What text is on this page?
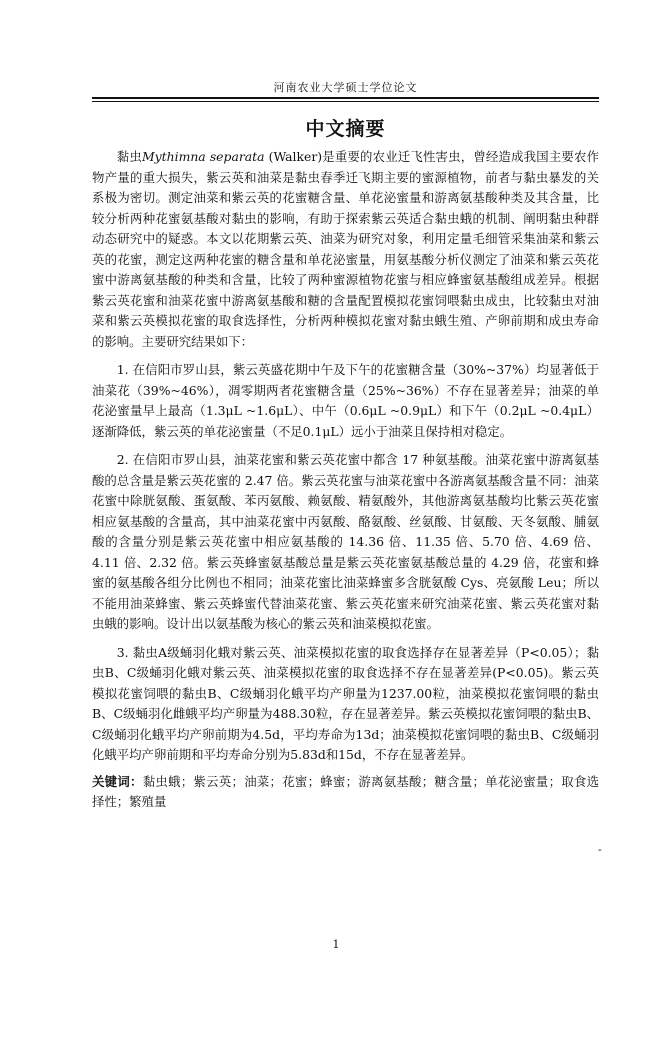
河南农业大学硕士学位论文
中文摘要

黏虫Mythimna separata (Walker)是重要的农业迁飞性害虫，曾经造成我国主要农作物产量的重大损失，紫云英和油菜是黏虫春季迁飞期主要的蜜源植物，前者与黏虫暴发的关系极为密切。测定油菜和紫云英的花蜜糖含量、单花泌蜜量和游离氨基酸种类及其含量，比较分析两种花蜜氨基酸对黏虫的影响，有助于探索紫云英适合黏虫蛾的机制、阐明黏虫种群动态研究中的疑惑。本文以花期紫云英、油菜为研究对象，利用定量毛细管采集油菜和紫云英的花蜜，测定这两种花蜜的糖含量和单花泌蜜量，用氨基酸分析仪测定了油菜和紫云英花蜜中游离氨基酸的种类和含量，比较了两种蜜源植物花蜜与相应蜂蜜氨基酸组成差异。根据紫云英花蜜和油菜花蜜中游离氨基酸和糖的含量配置模拟花蜜饲喂黏虫成虫，比较黏虫对油菜和紫云英模拟花蜜的取食选择性，分析两种模拟花蜜对黏虫蛾生殖、产卵前期和成虫寿命的影响。主要研究结果如下：

1. 在信阳市罗山县，紫云英盛花期中午及下午的花蜜糖含量（30%~37%）均显著低于油菜花（39%~46%），凋零期两者花蜜糖含量（25%~36%）不存在显著差异；油菜的单花泌蜜量早上最高（1.3μL ~1.6μL）、中午（0.6μL ~0.9μL）和下午（0.2μL ~0.4μL）逐渐降低，紫云英的单花泌蜜量（不足0.1μL）远小于油菜且保持相对稳定。

2. 在信阳市罗山县，油菜花蜜和紫云英花蜜中都含 17 种氨基酸。油菜花蜜中游离氨基酸的总含量是紫云英花蜜的 2.47 倍。紫云英花蜜与油菜花蜜中各游离氨基酸含量不同：油菜花蜜中除胱氨酸、蛋氨酸、苯丙氨酸、赖氨酸、精氨酸外，其他游离氨基酸均比紫云英花蜜相应氨基酸的含量高，其中油菜花蜜中丙氨酸、酪氨酸、丝氨酸、甘氨酸、天冬氨酸、脯氨酸的含量分别是紫云英花蜜中相应氨基酸的 14.36 倍、11.35 倍、5.70 倍、4.69 倍、4.11 倍、2.32 倍。紫云英蜂蜜氨基酸总量是紫云英花蜜氨基酸总量的 4.29 倍，花蜜和蜂蜜的氨基酸各组分比例也不相同；油菜花蜜比油菜蜂蜜多含胱氨酸 Cys、亮氨酸 Leu；所以不能用油菜蜂蜜、紫云英蜂蜜代替油菜花蜜、紫云英花蜜来研究油菜花蜜、紫云英花蜜对黏虫蛾的影响。设计出以氨基酸为核心的紫云英和油菜模拟花蜜。

3. 黏虫A级蛹羽化蛾对紫云英、油菜模拟花蜜的取食选择存在显著差异（P<0.05）；黏虫B、C级蛹羽化蛾对紫云英、油菜模拟花蜜的取食选择不存在显著差异(P<0.05)。紫云英模拟花蜜饲喂的黏虫B、C级蛹羽化蛾平均产卵量为1237.00粒，油菜模拟花蜜饲喂的黏虫B、C级蛹羽化雌蛾平均产卵量为488.30粒，存在显著差异。紫云英模拟花蜜饲喂的黏虫B、C级蛹羽化蛾平均产卵前期为4.5d，平均寿命为13d；油菜模拟花蜜饲喂的黏虫B、C级蛹羽化蛾平均产卵前期和平均寿命分别为5.83d和15d，不存在显著差异。

关键词：黏虫蛾；紫云英；油菜；花蜜；蜂蜜；游离氨基酸；糖含量；单花泌蜜量；取食选择性；繁殖量

-
1
